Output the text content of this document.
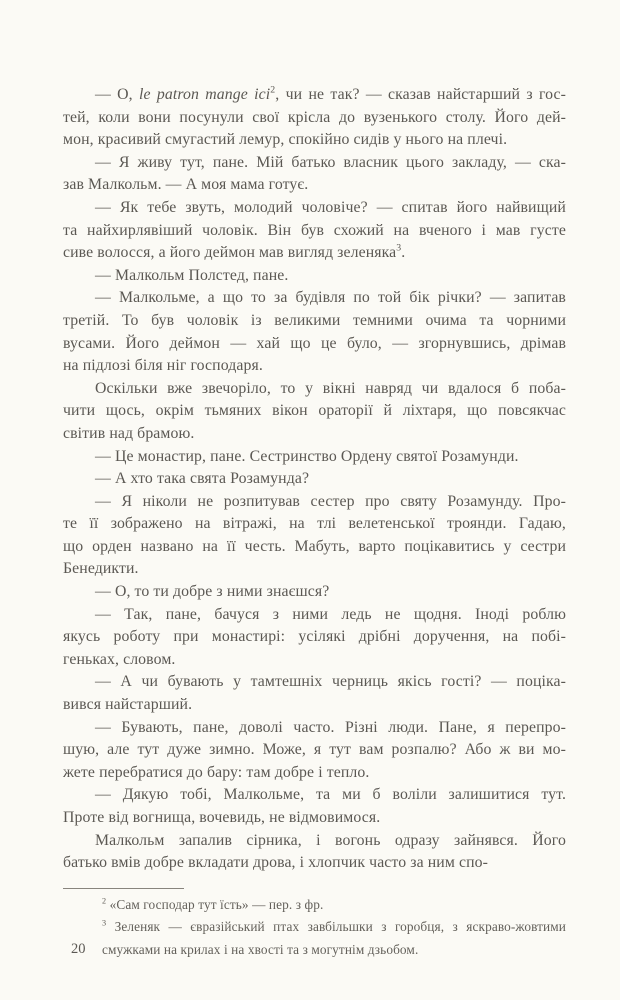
— О, le patron mange ici$^2$, чи не так? — сказав найстарший з гос-
тей, коли вони посунули свої крісла до вузенького столу. Його дей-
мон, красивий смугастий лемур, спокійно сидів у нього на плечі.
— Я живу тут, пане. Мій батько власник цього закладу, — ска-
зав Малкольм. — А моя мама готує.
— Як тебе звуть, молодий чоловіче? — спитав його найвищий
та найхирлявіший чоловік. Він був схожий на вченого і мав густе
сиве волосся, а його деймон мав вигляд зеленяка$^3$.
— Малкольм Полстед, пане.
— Малкольме, а що то за будівля по той бік річки? — запитав
третій. То був чоловік із великими темними очима та чорними
вусами. Його деймон — хай що це було, — згорнувшись, дрімав
на підлозі біля ніг господаря.
Оскільки вже звечоріло, то у вікні навряд чи вдалося б поба-
чити щось, окрім тьмяних вікон ораторії й ліхтаря, що повсякчас
світив над брамою.
— Це монастир, пане. Сестринство Ордену святої Розамунди.
— А хто така свята Розамунда?
— Я ніколи не розпитував сестер про святу Розамунду. Про-
те її зображено на вітражі, на тлі велетенської троянди. Гадаю,
що орден названо на її честь. Мабуть, варто поцікавитись у сестри
Бенедикти.
— О, то ти добре з ними знаєшся?
— Так, пане, бачуся з ними ледь не щодня. Іноді роблю
якусь роботу при монастирі: усілякі дрібні доручення, на побі-
геньках, словом.
— А чи бувають у тамтешніх черниць якісь гості? — поціка-
вився найстарший.
— Бувають, пане, доволі часто. Різні люди. Пане, я перепро-
шую, але тут дуже зимно. Може, я тут вам розпалю? Або ж ви мо-
жете перебратися до бару: там добре і тепло.
— Дякую тобі, Малкольме, та ми б воліли залишитися тут.
Проте від вогнища, вочевидь, не відмовимося.
Малкольм запалив сірника, і вогонь одразу зайнявся. Його
батько вмів добре вкладати дрова, і хлопчик часто за ним спо-
$^2$ «Сам господар тут їсть» — пер. з фр.
$^3$ Зеленяк — євразійський птах завбільшки з горобця, з яскраво-жовтими
смужками на крилах і на хвості та з могутнім дзьобом.
20
